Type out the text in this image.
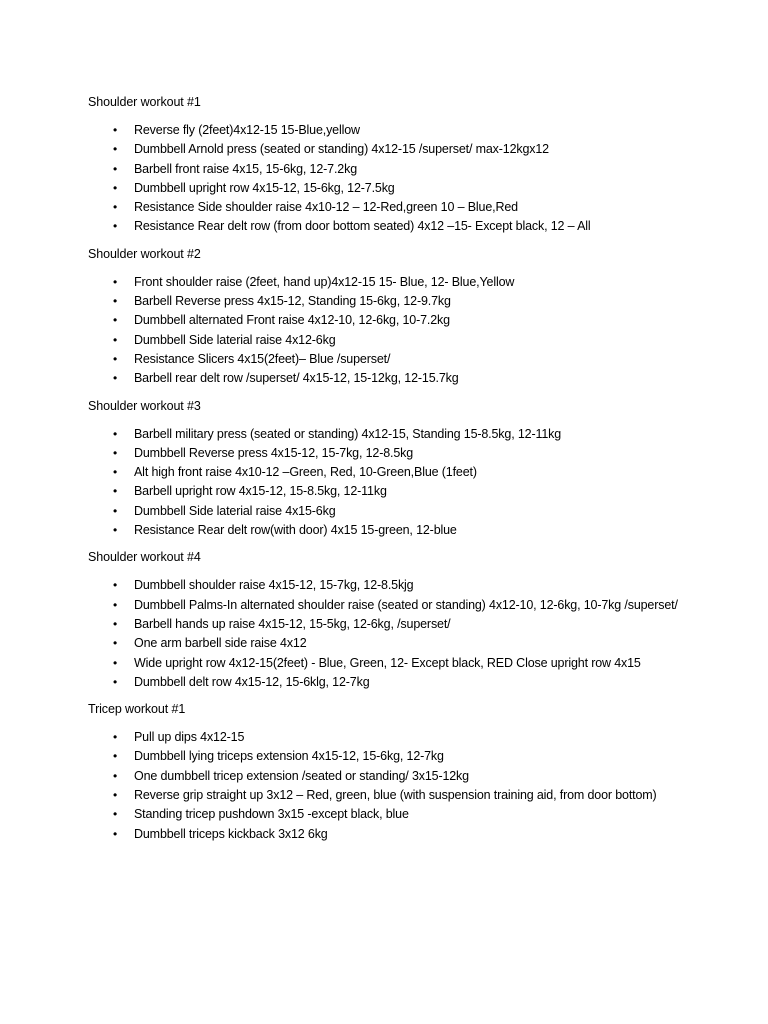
Shoulder workout #1
• Reverse fly (2feet)4x12-15 15-Blue,yellow
• Dumbbell Arnold press (seated or standing) 4x12-15 /superset/ max-12kgx12
• Barbell front raise 4x15, 15-6kg, 12-7.2kg
• Dumbbell upright row 4x15-12, 15-6kg, 12-7.5kg
• Resistance Side shoulder raise 4x10-12 – 12-Red,green 10 – Blue,Red
• Resistance Rear delt row (from door bottom seated) 4x12 –15- Except black, 12 – All
Shoulder workout #2
• Front shoulder raise (2feet, hand up)4x12-15 15- Blue, 12- Blue,Yellow
• Barbell Reverse press 4x15-12, Standing 15-6kg, 12-9.7kg
• Dumbbell alternated Front raise 4x12-10, 12-6kg, 10-7.2kg
• Dumbbell Side laterial raise 4x12-6kg
• Resistance Slicers 4x15(2feet)– Blue /superset/
• Barbell rear delt row /superset/ 4x15-12, 15-12kg, 12-15.7kg
Shoulder workout #3
• Barbell military press (seated or standing) 4x12-15, Standing 15-8.5kg, 12-11kg
• Dumbbell Reverse press 4x15-12, 15-7kg, 12-8.5kg
• Alt high front raise 4x10-12 –Green, Red, 10-Green,Blue (1feet)
• Barbell upright row 4x15-12, 15-8.5kg, 12-11kg
• Dumbbell Side laterial raise 4x15-6kg
• Resistance Rear delt row(with door) 4x15 15-green, 12-blue
Shoulder workout #4
• Dumbbell shoulder raise 4x15-12, 15-7kg, 12-8.5kjg
• Dumbbell Palms-In alternated shoulder raise (seated or standing) 4x12-10, 12-6kg, 10-7kg /superset/
• Barbell hands up raise 4x15-12, 15-5kg, 12-6kg, /superset/
• One arm barbell side raise 4x12
• Wide upright row 4x12-15(2feet) - Blue, Green, 12- Except black, RED Close upright row 4x15
• Dumbbell delt row 4x15-12, 15-6klg, 12-7kg
Tricep workout #1
• Pull up dips 4x12-15
• Dumbbell lying triceps extension 4x15-12, 15-6kg, 12-7kg
• One dumbbell tricep extension /seated or standing/ 3x15-12kg
• Reverse grip straight up 3x12 – Red, green, blue (with suspension training aid, from door bottom)
• Standing tricep pushdown 3x15 -except black, blue
• Dumbbell triceps kickback 3x12 6kg
